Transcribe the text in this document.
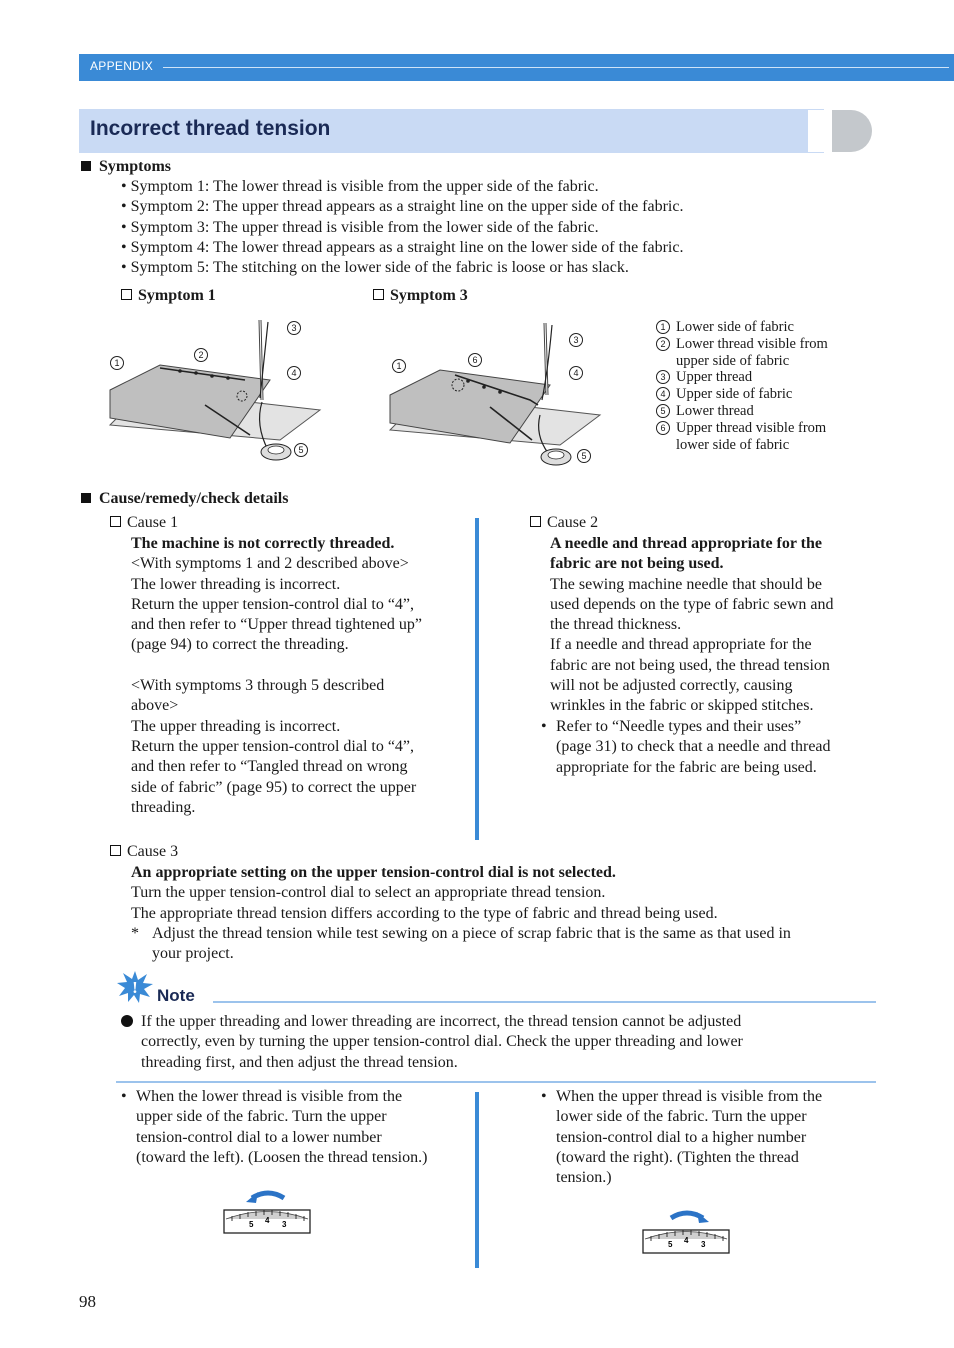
APPENDIX
Incorrect thread tension
Symptoms
• Symptom 1: The lower thread is visible from the upper side of the fabric.
• Symptom 2: The upper thread appears as a straight line on the upper side of the fabric.
• Symptom 3: The upper thread is visible from the lower side of the fabric.
• Symptom 4: The lower thread appears as a straight line on the lower side of the fabric.
• Symptom 5: The stitching on the lower side of the fabric is loose or has slack.
Symptom 1	Symptom 3
1
2
3
4
5
1
6
3
4
5
1 Lower side of fabric
2 Lower thread visible from
upper side of fabric
3 Upper thread
4 Upper side of fabric
5 Lower thread
6 Upper thread visible from
lower side of fabric
Cause/remedy/check details
Cause 1
The machine is not correctly threaded.
<With symptoms 1 and 2 described above>
The lower threading is incorrect.
Return the upper tension-control dial to “4”,
and then refer to “Upper thread tightened up”
(page 94) to correct the threading.
<With symptoms 3 through 5 described
above>
The upper threading is incorrect.
Return the upper tension-control dial to “4”,
and then refer to “Tangled thread on wrong
side of fabric” (page 95) to correct the upper
threading.
Cause 2
A needle and thread appropriate for the
fabric are not being used.
The sewing machine needle that should be
used depends on the type of fabric sewn and
the thread thickness.
If a needle and thread appropriate for the
fabric are not being used, the thread tension
will not be adjusted correctly, causing
wrinkles in the fabric or skipped stitches.
• Refer to “Needle types and their uses”
(page 31) to check that a needle and thread
appropriate for the fabric are being used.
Cause 3
An appropriate setting on the upper tension-control dial is not selected.
Turn the upper tension-control dial to select an appropriate thread tension.
The appropriate thread tension differs according to the type of fabric and thread being used.
* Adjust the thread tension while test sewing on a piece of scrap fabric that is the same as that used in
your project.
! Note
If the upper threading and lower threading are incorrect, the thread tension cannot be adjusted
correctly, even by turning the upper tension-control dial. Check the upper threading and lower
threading first, and then adjust the thread tension.
• When the lower thread is visible from the
upper side of the fabric. Turn the upper
tension-control dial to a lower number
(toward the left). (Loosen the thread tension.)
• When the upper thread is visible from the
lower side of the fabric. Turn the upper
tension-control dial to a higher number
(toward the right). (Tighten the thread
tension.)
5 4 3
5 4 3
98
